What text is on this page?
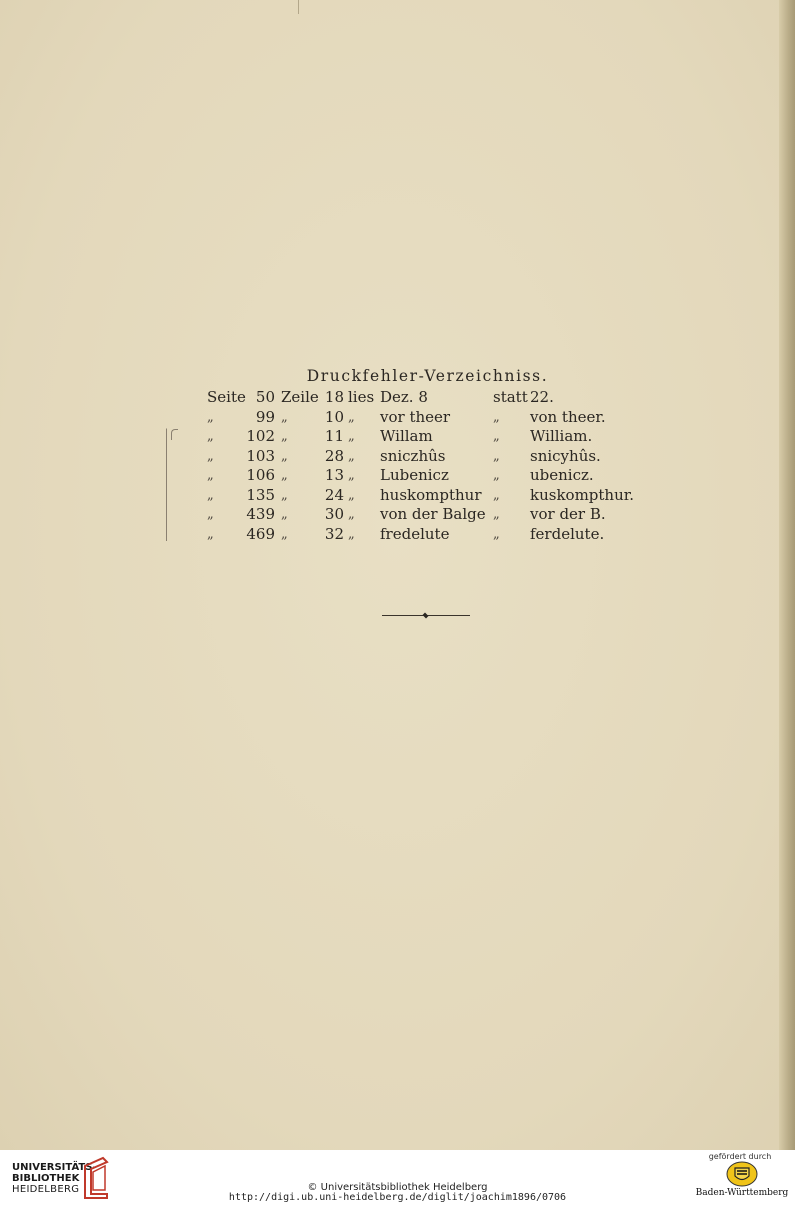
Druckfehler-Verzeichniss.
Seite 50 Zeile 18 lies Dez. 8	statt 22.
„	99 „	10 „ vor theer	„ von theer.
„ 102 „	11 „ Willam	„ William.
„ 103 „	28 „ sniczhûs	„ snicyhûs.
„ 106 „	13 „ Lubenicz	„ ubenicz.
„ 135 „	24 „ huskompthur „ kuskompthur.
„ 439 „	30 „ von der Balge „ vor der B.
„ 469 „	32 „ fredelute	„ ferdelute.
UNIVERSITÄTS-
BIBLIOTHEK
HEIDELBERG	© Universitätsbibliothek Heidelberg
http://digi.ub.uni-heidelberg.de/diglit/joachim1896/0706
gefördert durch
Baden-Württemberg
